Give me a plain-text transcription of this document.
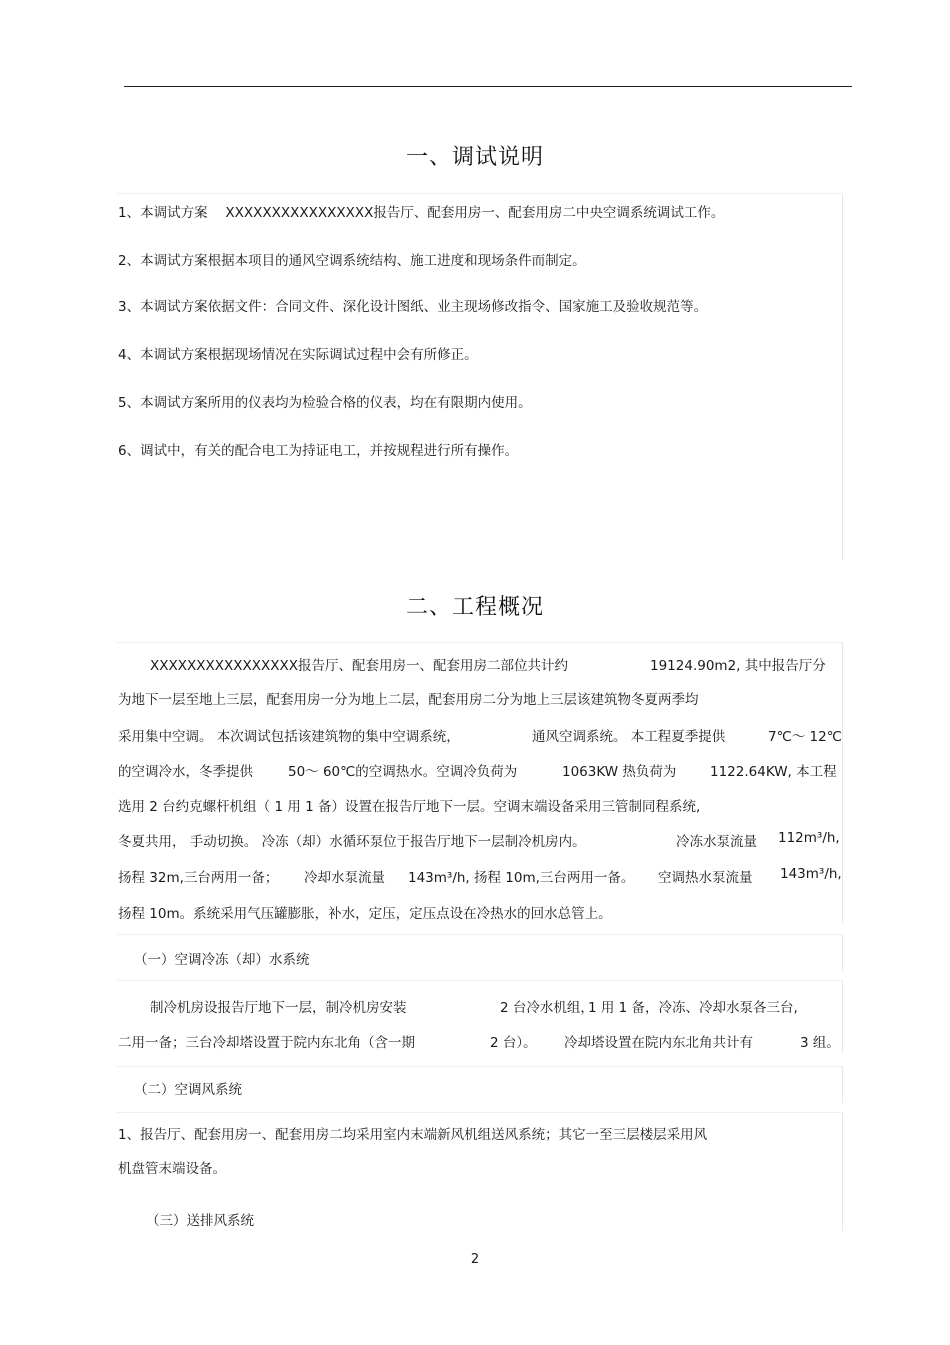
一、调试说明
1、本调试方案　 XXXXXXXXXXXXXXXX报告厅、配套用房一、配套用房二中央空调系统调试工作。
2、本调试方案根据本项目的通风空调系统结构、施工进度和现场条件而制定。
3、本调试方案依据文件：合同文件、深化设计图纸、业主现场修改指令、国家施工及验收规范等。
4、本调试方案根据现场情况在实际调试过程中会有所修正。
5、本调试方案所用的仪表均为检验合格的仪表，均在有限期内使用。
6、调试中，有关的配合电工为持证电工，并按规程进行所有操作。
二、工程概况
XXXXXXXXXXXXXXXX报告厅、配套用房一、配套用房二部位共计约	19124.90m2, 其中报告厅分
为地下一层至地上三层，配套用房一分为地上二层，配套用房二分为地上三层该建筑物冬夏两季均
采用集中空调。 本次调试包括该建筑物的集中空调系统，	通风空调系统。 本工程夏季提供	7℃～ 12℃
的空调冷水，冬季提供	50～ 60℃的空调热水。空调冷负荷为	1063KW 热负荷为 1122.64KW, 本工程
选用 2 台约克螺杆机组（ 1 用 1 备）设置在报告厅地下一层。空调末端设备采用三管制同程系统,
冬夏共用， 手动切换。 冷冻（却）水循环泵位于报告厅地下一层制冷机房内。	冷冻水泵流量 112m³/h,
扬程 32m,三台两用一备； 冷却水泵流量 143m³/h, 扬程 10m,三台两用一备。 空调热水泵流量 143m³/h,
扬程 10m。系统采用气压罐膨胀，补水，定压，定压点设在冷热水的回水总管上。
（一）空调冷冻（却）水系统
制冷机房设报告厅地下一层，制冷机房安装	2 台冷水机组，
1 用 1 备，冷冻、冷却水泵各三台,
二用一备；三台冷却塔设置于院内东北角（含一期	2 台）。 冷却塔设置在院内东北角共计有	3 组。
（二）空调风系统
1、报告厅、配套用房一、配套用房二均采用室内末端新风机组送风系统；其它一至三层楼层采用风
机盘管末端设备。
（三）送排风系统
2
